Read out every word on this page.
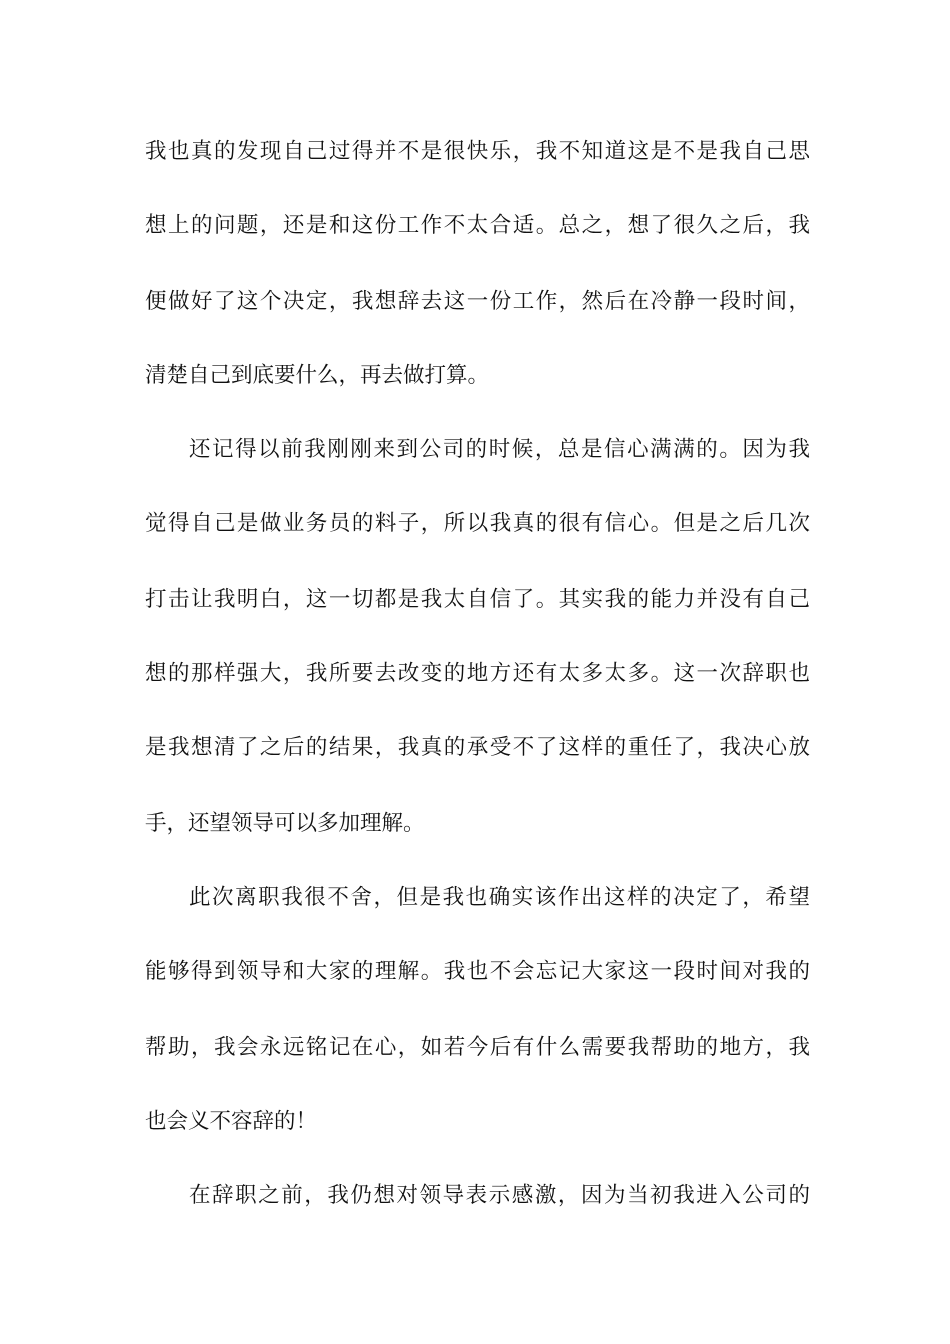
我也真的发现自己过得并不是很快乐，我不知道这是不是我自己思
想上的问题，还是和这份工作不太合适。总之，想了很久之后，我
便做好了这个决定，我想辞去这一份工作，然后在冷静一段时间，
清楚自己到底要什么，再去做打算。
还记得以前我刚刚来到公司的时候，总是信心满满的。因为我
觉得自己是做业务员的料子，所以我真的很有信心。但是之后几次
打击让我明白，这一切都是我太自信了。其实我的能力并没有自己
想的那样强大，我所要去改变的地方还有太多太多。这一次辞职也
是我想清了之后的结果，我真的承受不了这样的重任了，我决心放
手，还望领导可以多加理解。
此次离职我很不舍，但是我也确实该作出这样的决定了，希望
能够得到领导和大家的理解。我也不会忘记大家这一段时间对我的
帮助，我会永远铭记在心，如若今后有什么需要我帮助的地方，我
也会义不容辞的！
在辞职之前，我仍想对领导表示感激，因为当初我进入公司的
